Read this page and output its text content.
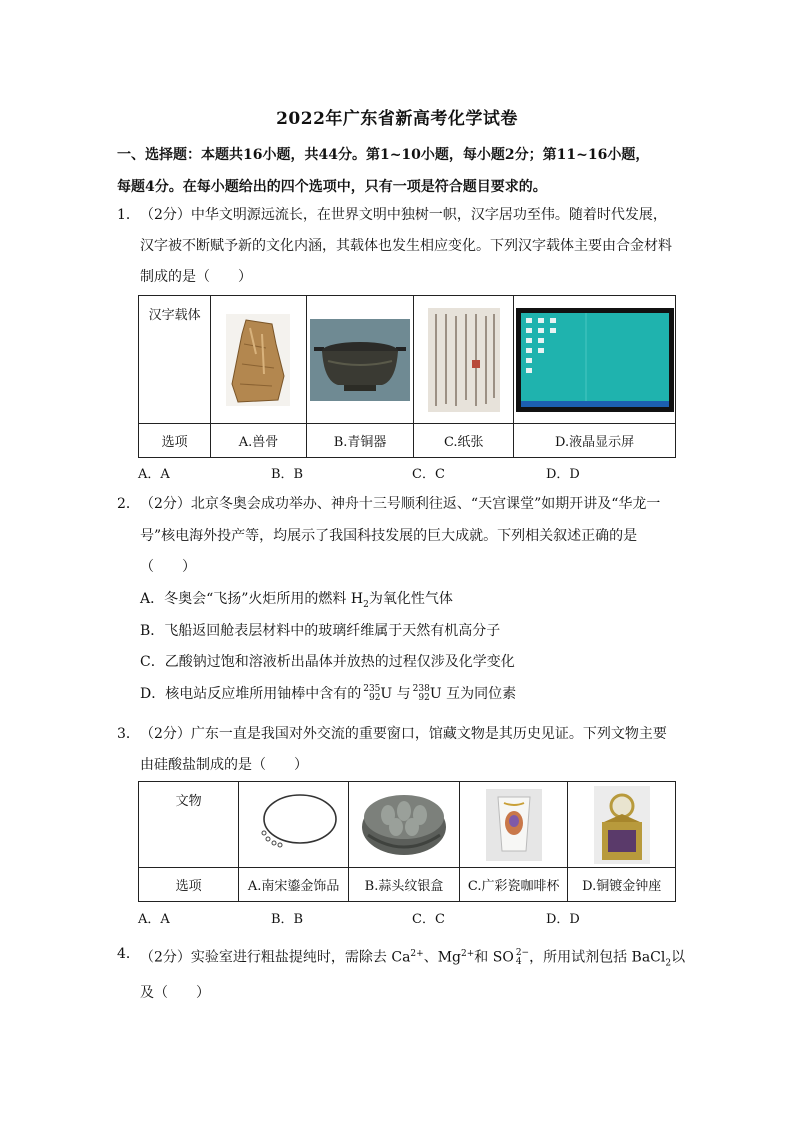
2022年广东省新高考化学试卷
一、选择题：本题共16小题，共44分。第1~10小题，每小题2分；第11~16小题，
每题4分。在每小题给出的四个选项中，只有一项是符合题目要求的。
1． （2分）中华文明源远流长，在世界文明中独树一帜，汉字居功至伟。随着时代发展，
汉字被不断赋予新的文化内涵，其载体也发生相应变化。下列汉字载体主要由合金材料
制成的是（　　）
汉字载体	

选项	A.兽骨	B.青铜器	C.纸张	D.液晶显示屏
A．A	B．B	C．C	D．D
2． （2分）北京冬奥会成功举办、神舟十三号顺利往返、“天宫课堂”如期开讲及“华龙一
号”核电海外投产等，均展示了我国科技发展的巨大成就。下列相关叙述正确的是
（　　）
A．冬奥会“飞扬”火炬所用的燃料 $H_2$为氧化性气体
B．飞船返回舱表层材料中的玻璃纤维属于天然有机高分子
C．乙酸钠过饱和溶液析出晶体并放热的过程仅涉及化学变化
D．核电站反应堆所用铀棒中含有的 235
92U 与 238
92U 互为同位素
3． （2分）广东一直是我国对外交流的重要窗口，馆藏文物是其历史见证。下列文物主要
由硅酸盐制成的是（　　）
文物	

选项	A.南宋鎏金饰品	B.蒜头纹银盒	C.广彩瓷咖啡杯	D.铜镀金钟座
A．A	B．B	C．C	D．D
4． （2分）实验室进行粗盐提纯时，需除去 $Ca^{2+}$、$Mg^{2+}$和 SO 2−
4 ，所用试剂包括 BaCl$_2$以
及（　　）
